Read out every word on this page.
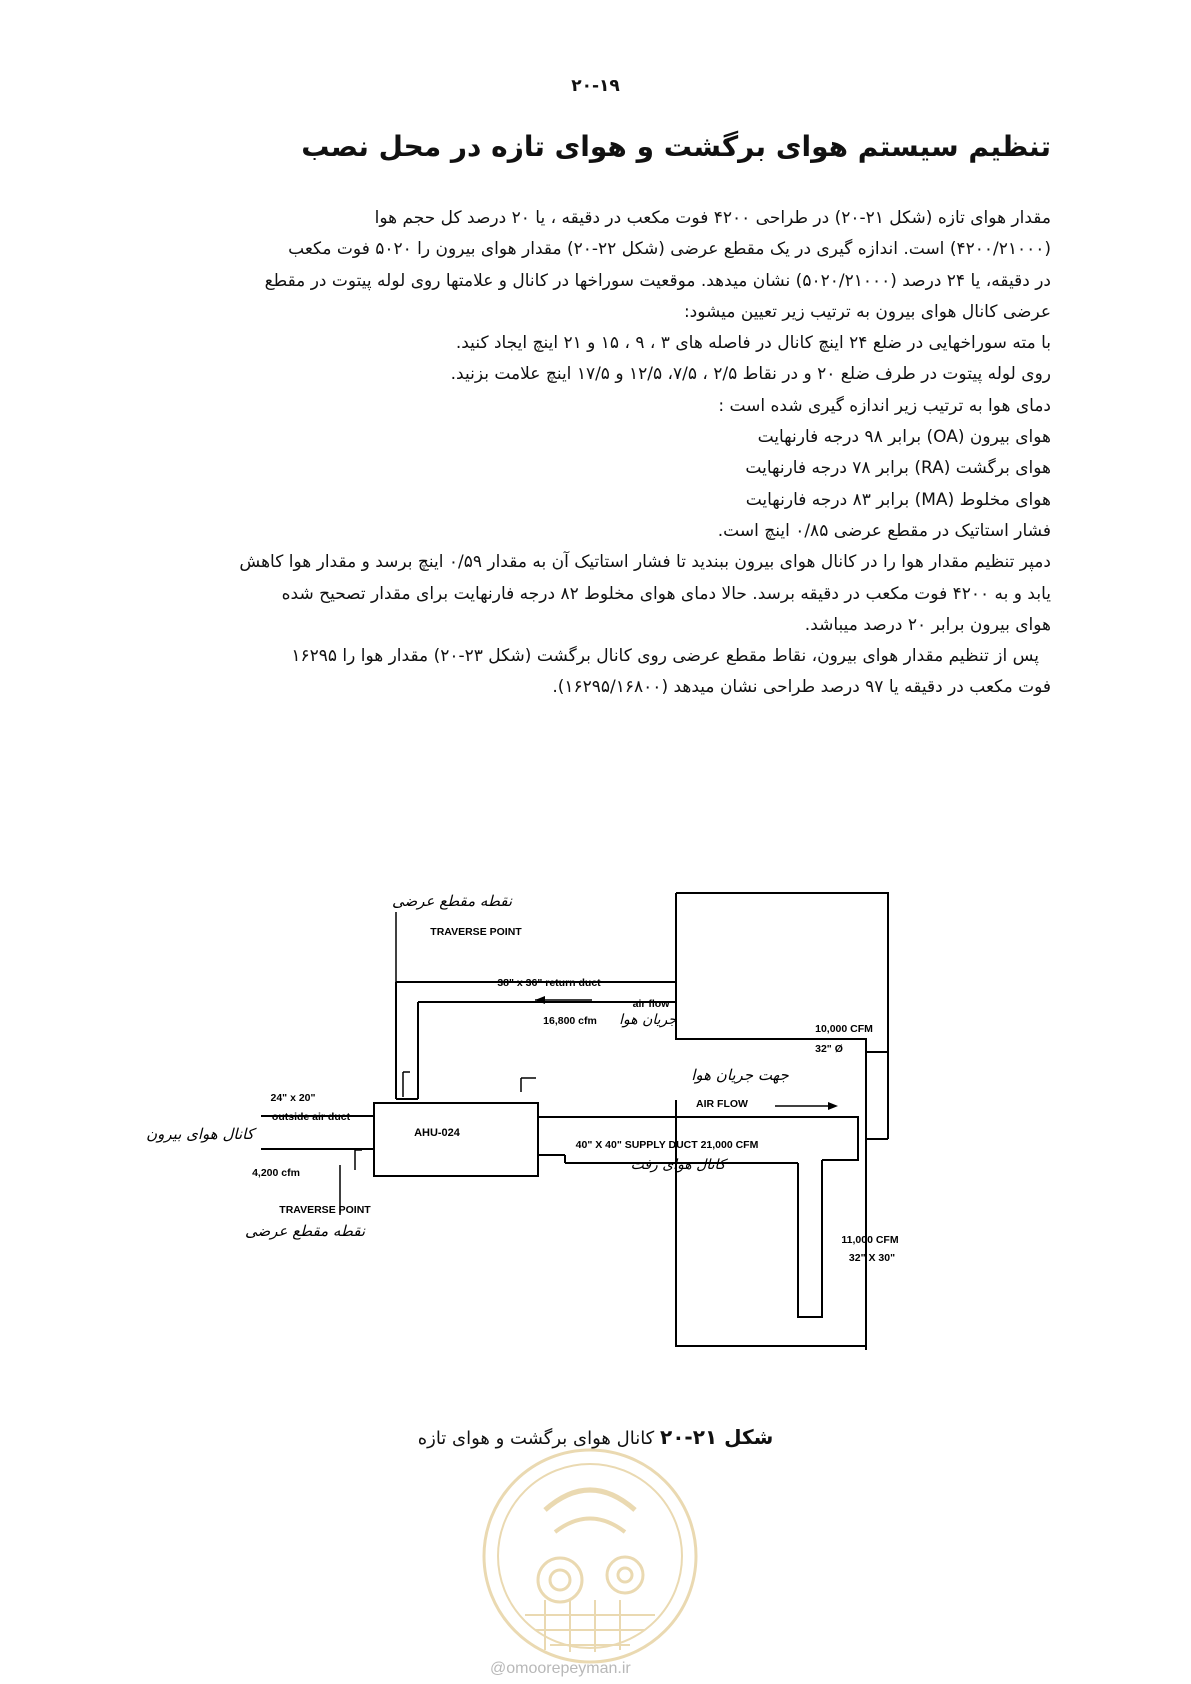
۲۰-۱۹
تنظیم سیستم هوای برگشت و هوای تازه در محل نصب
مقدار هوای تازه (شکل ۲۱-۲۰) در طراحی ۴۲۰۰ فوت مکعب در دقیقه ، یا ۲۰ درصد کل حجم هوا
(۴۲۰۰/۲۱۰۰۰) است. اندازه گیری در یک مقطع عرضی (شکل ۲۲-۲۰) مقدار هوای بیرون را ۵۰۲۰ فوت مکعب
در دقیقه، یا ۲۴ درصد (۵۰۲۰/۲۱۰۰۰) نشان میدهد. موقعیت سوراخها در کانال و علامتها روی لوله پیتوت در مقطع
عرضی کانال هوای بیرون به ترتیب زیر تعیین میشود:
با مته سوراخهایی در ضلع ۲۴ اینچ کانال در فاصله های ۳ ، ۹ ، ۱۵ و ۲۱ اینچ ایجاد کنید.
روی لوله پیتوت در طرف ضلع ۲۰ و در نقاط ۲/۵ ، ۷/۵، ۱۲/۵ و ۱۷/۵ اینچ علامت بزنید.
دمای هوا به ترتیب زیر اندازه گیری شده است :
هوای بیرون (OA) برابر ۹۸ درجه فارنهایت
هوای برگشت (RA) برابر ۷۸ درجه فارنهایت
هوای مخلوط (MA) برابر ۸۳ درجه فارنهایت
فشار استاتیک در مقطع عرضی ۰/۸۵ اینچ است.
دمپر تنظیم مقدار هوا را در کانال هوای بیرون ببندید تا فشار استاتیک آن به مقدار ۰/۵۹ اینچ برسد و مقدار هوا کاهش
یابد و به ۴۲۰۰ فوت مکعب در دقیقه برسد. حالا دمای هوای مخلوط ۸۲ درجه فارنهایت برای مقدار تصحیح شده
هوای بیرون برابر ۲۰ درصد میباشد.
پس از تنظیم مقدار هوای بیرون، نقاط مقطع عرضی روی کانال برگشت (شکل ۲۳-۲۰) مقدار هوا را ۱۶۲۹۵
فوت مکعب در دقیقه یا ۹۷ درصد طراحی نشان میدهد (۱۶۲۹۵/۱۶۸۰۰).
نقطه مقطع عرضی
TRAVERSE POINT
38" x 36" return duct
air flow
16,800 cfm جریان هوا
10,000 CFM
32" Ø
جهت جریان هوا
AIR FLOW
24" x 20"
outside air duct
کانال هوای بیرون	AHU-024
40" X 40" SUPPLY DUCT 21,000 CFM
کانال هوای رفت
4,200 cfm
TRAVERSE POINT
نقطه مقطع عرضی	11,000 CFM
32" X 30"
شکل ۲۱-۲۰ کانال هوای برگشت و هوای تازه
@omoorepeyman.ir
